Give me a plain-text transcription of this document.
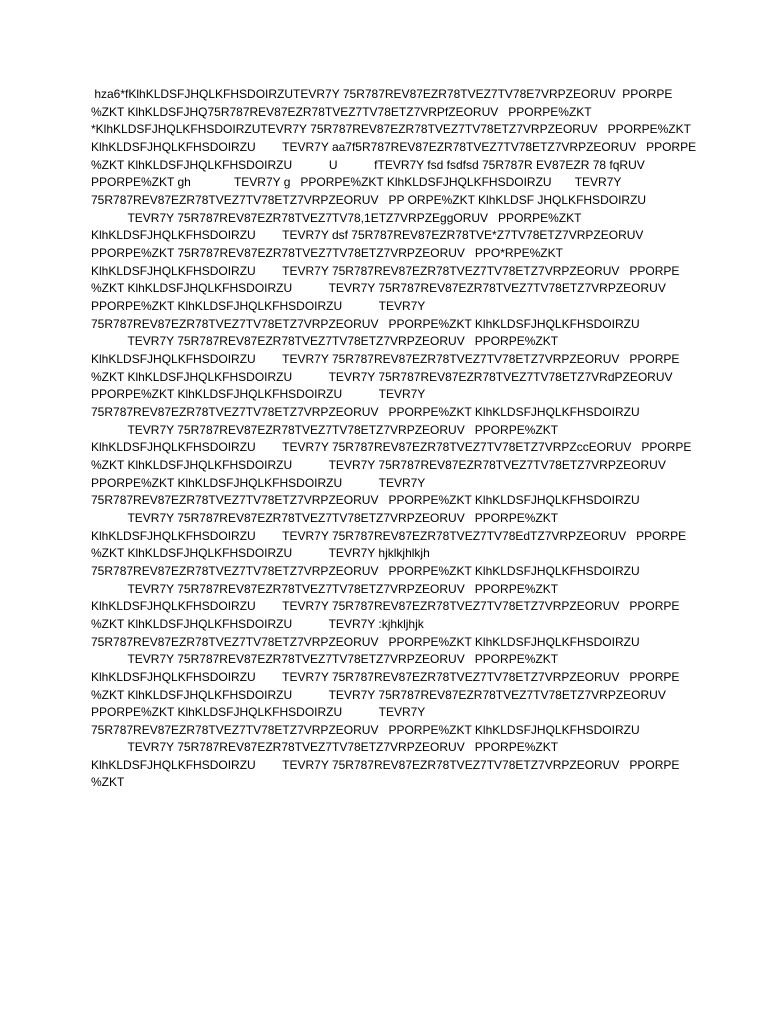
hza6*fKlhKLDSFJHQLKFHSDOIRZUTEVR7Y 75R787REV87EZR78TVEZ7TV78E7VRPZEORUV  PPORPE

%ZKT KlhKLDSFJHQ75R787REV87EZR78TVEZ7TV78ETZ7VRPfZEORUV   PPORPE%ZKT

*KlhKLDSFJHQLKFHSDOIRZUTEVR7Y 75R787REV87EZR78TVEZ7TV78ETZ7VRPZEORUV   PPORPE%ZKT

KlhKLDSFJHQLKFHSDOIRZU        TEVR7Y aa7f5R787REV87EZR78TVEZ7TV78ETZ7VRPZEORUV   PPORPE

%ZKT KlhKLDSFJHQLKFHSDOIRZU           U           fTEVR7Y fsd fsdfsd 75R787R EV87EZR 78 fqRUV

PPORPE%ZKT gh             TEVR7Y g   PPORPE%ZKT KlhKLDSFJHQLKFHSDOIRZU       TEVR7Y

75R787REV87EZR78TVEZ7TV78ETZ7VRPZEORUV   PP ORPE%ZKT KlhKLDSF JHQLKFHSDOIRZU

TEVR7Y 75R787REV87EZR78TVEZ7TV78,1ETZ7VRPZEggORUV   PPORPE%ZKT

KlhKLDSFJHQLKFHSDOIRZU        TEVR7Y dsf 75R787REV87EZR78TVE*Z7TV78ETZ7VRPZEORUV

PPORPE%ZKT 75R787REV87EZR78TVEZ7TV78ETZ7VRPZEORUV   PPO*RPE%ZKT

KlhKLDSFJHQLKFHSDOIRZU        TEVR7Y 75R787REV87EZR78TVEZ7TV78ETZ7VRPZEORUV   PPORPE

%ZKT KlhKLDSFJHQLKFHSDOIRZU           TEVR7Y 75R787REV87EZR78TVEZ7TV78ETZ7VRPZEORUV

PPORPE%ZKT KlhKLDSFJHQLKFHSDOIRZU           TEVR7Y

75R787REV87EZR78TVEZ7TV78ETZ7VRPZEORUV   PPORPE%ZKT KlhKLDSFJHQLKFHSDOIRZU

TEVR7Y 75R787REV87EZR78TVEZ7TV78ETZ7VRPZEORUV   PPORPE%ZKT

KlhKLDSFJHQLKFHSDOIRZU        TEVR7Y 75R787REV87EZR78TVEZ7TV78ETZ7VRPZEORUV   PPORPE

%ZKT KlhKLDSFJHQLKFHSDOIRZU           TEVR7Y 75R787REV87EZR78TVEZ7TV78ETZ7VRdPZEORUV

PPORPE%ZKT KlhKLDSFJHQLKFHSDOIRZU           TEVR7Y

75R787REV87EZR78TVEZ7TV78ETZ7VRPZEORUV   PPORPE%ZKT KlhKLDSFJHQLKFHSDOIRZU

TEVR7Y 75R787REV87EZR78TVEZ7TV78ETZ7VRPZEORUV   PPORPE%ZKT

KlhKLDSFJHQLKFHSDOIRZU        TEVR7Y 75R787REV87EZR78TVEZ7TV78ETZ7VRPZccEORUV   PPORPE

%ZKT KlhKLDSFJHQLKFHSDOIRZU           TEVR7Y 75R787REV87EZR78TVEZ7TV78ETZ7VRPZEORUV

PPORPE%ZKT KlhKLDSFJHQLKFHSDOIRZU           TEVR7Y

75R787REV87EZR78TVEZ7TV78ETZ7VRPZEORUV   PPORPE%ZKT KlhKLDSFJHQLKFHSDOIRZU

TEVR7Y 75R787REV87EZR78TVEZ7TV78ETZ7VRPZEORUV   PPORPE%ZKT

KlhKLDSFJHQLKFHSDOIRZU        TEVR7Y 75R787REV87EZR78TVEZ7TV78EdTZ7VRPZEORUV   PPORPE

%ZKT KlhKLDSFJHQLKFHSDOIRZU           TEVR7Y hjklkjhlkjh

75R787REV87EZR78TVEZ7TV78ETZ7VRPZEORUV   PPORPE%ZKT KlhKLDSFJHQLKFHSDOIRZU

TEVR7Y 75R787REV87EZR78TVEZ7TV78ETZ7VRPZEORUV   PPORPE%ZKT

KlhKLDSFJHQLKFHSDOIRZU        TEVR7Y 75R787REV87EZR78TVEZ7TV78ETZ7VRPZEORUV   PPORPE

%ZKT KlhKLDSFJHQLKFHSDOIRZU           TEVR7Y :kjhkljhjk

75R787REV87EZR78TVEZ7TV78ETZ7VRPZEORUV   PPORPE%ZKT KlhKLDSFJHQLKFHSDOIRZU

TEVR7Y 75R787REV87EZR78TVEZ7TV78ETZ7VRPZEORUV   PPORPE%ZKT

KlhKLDSFJHQLKFHSDOIRZU        TEVR7Y 75R787REV87EZR78TVEZ7TV78ETZ7VRPZEORUV   PPORPE

%ZKT KlhKLDSFJHQLKFHSDOIRZU           TEVR7Y 75R787REV87EZR78TVEZ7TV78ETZ7VRPZEORUV

PPORPE%ZKT KlhKLDSFJHQLKFHSDOIRZU           TEVR7Y

75R787REV87EZR78TVEZ7TV78ETZ7VRPZEORUV   PPORPE%ZKT KlhKLDSFJHQLKFHSDOIRZU

TEVR7Y 75R787REV87EZR78TVEZ7TV78ETZ7VRPZEORUV   PPORPE%ZKT

KlhKLDSFJHQLKFHSDOIRZU        TEVR7Y 75R787REV87EZR78TVEZ7TV78ETZ7VRPZEORUV   PPORPE

%ZKT
